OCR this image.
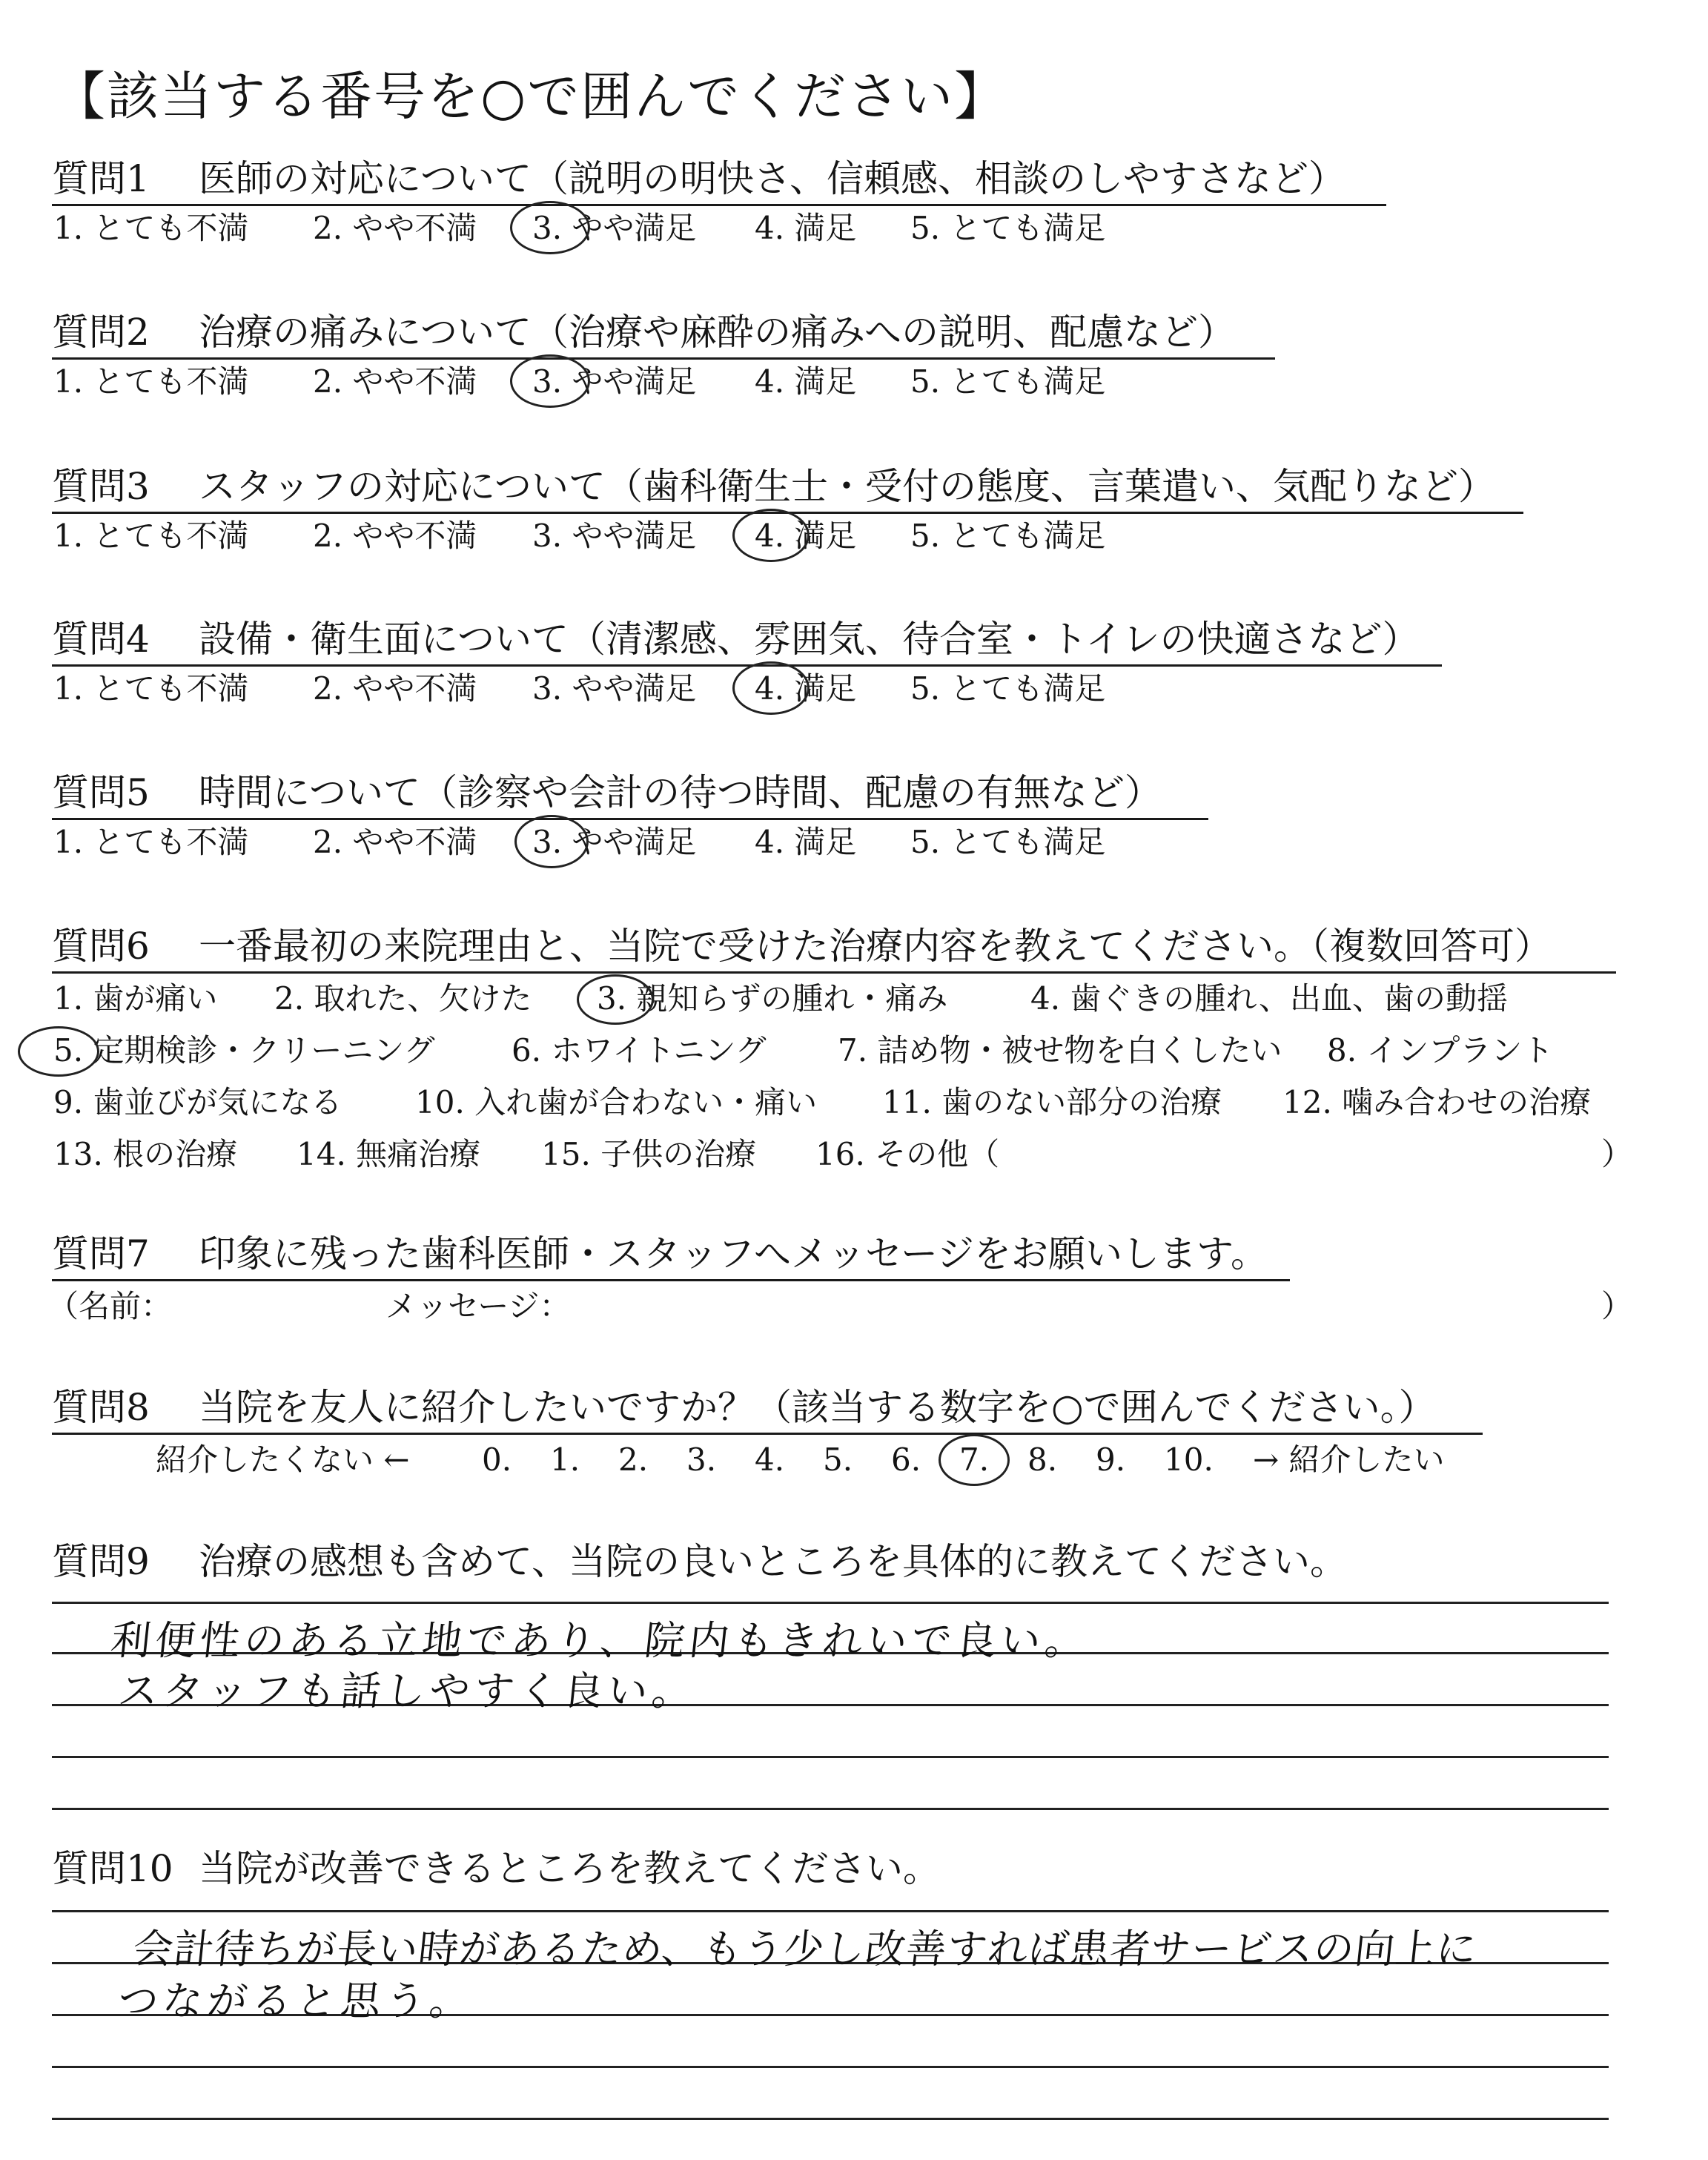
【該当する番号を○で囲んでください】
質問1 医師の対応について（説明の明快さ、信頼感、相談のしやすさなど）
1. とても不満 2. やや不満 3. やや満足 4. 満足 5. とても満足
質問2 治療の痛みについて（治療や麻酔の痛みへの説明、配慮など）
1. とても不満 2. やや不満 3. やや満足 4. 満足 5. とても満足
質問3 スタッフの対応について（歯科衛生士・受付の態度、言葉遣い、気配りなど）
1. とても不満 2. やや不満 3. やや満足 4. 満足 5. とても満足
質問4 設備・衛生面について（清潔感、雰囲気、待合室・トイレの快適さなど）
1. とても不満 2. やや不満 3. やや満足 4. 満足 5. とても満足
質問5 時間について（診察や会計の待つ時間、配慮の有無など）
1. とても不満 2. やや不満 3. やや満足 4. 満足 5. とても満足
質問6 一番最初の来院理由と、当院で受けた治療内容を教えてください。（複数回答可）
1. 歯が痛い 2. 取れた、欠けた 3. 親知らずの腫れ・痛み	4. 歯ぐきの腫れ、出血、歯の動揺
5. 定期検診・クリーニング 6. ホワイトニング 7. 詰め物・被せ物を白くしたい 8. インプラント
9. 歯並びが気になる 10. 入れ歯が合わない・痛い 11. 歯のない部分の治療 12. 噛み合わせの治療
13. 根の治療 14. 無痛治療 15. 子供の治療 16. その他（	）
質問7 印象に残った歯科医師・スタッフへメッセージをお願いします。
（名前：	メッセージ：	）
質問8 当院を友人に紹介したいですか？（該当する数字を○で囲んでください。）
紹介したくない ← 0. 1. 2. 3. 4. 5. 6. 7. 8. 9. 10. → 紹介したい
質問9 治療の感想も含めて、当院の良いところを具体的に教えてください。
利便性のある立地であり、院内もきれいで良い。
スタッフも話しやすく良い。
質問10 当院が改善できるところを教えてください。
会計待ちが長い時があるため、もう少し改善すれば患者サービスの向上に
つながると思う。
